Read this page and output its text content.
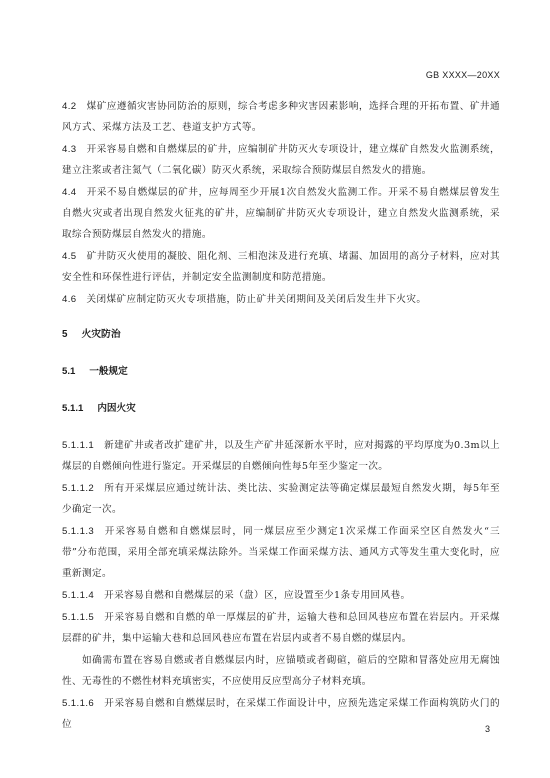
GB XXXX—20XX

4.2 煤矿应遵循灾害协同防治的原则，综合考虑多种灾害因素影响，选择合理的开拓布置、矿井通风方式、采煤方法及工艺、巷道支护方式等。

4.3 开采容易自燃和自燃煤层的矿井，应编制矿井防灭火专项设计，建立煤矿自然发火监测系统，建立注浆或者注氮气（二氧化碳）防灭火系统，采取综合预防煤层自然发火的措施。

4.4 开采不易自燃煤层的矿井，应每周至少开展1次自然发火监测工作。开采不易自燃煤层曾发生自燃火灾或者出现自然发火征兆的矿井，应编制矿井防灭火专项设计，建立自然发火监测系统，采取综合预防煤层自然发火的措施。

4.5 矿井防灭火使用的凝胶、阻化剂、三相泡沫及进行充填、堵漏、加固用的高分子材料，应对其安全性和环保性进行评估，并制定安全监测制度和防范措施。

4.6 关闭煤矿应制定防灭火专项措施，防止矿井关闭期间及关闭后发生井下火灾。

5 火灾防治
5.1 一般规定
5.1.1 内因火灾

5.1.1.1 新建矿井或者改扩建矿井，以及生产矿井延深新水平时，应对揭露的平均厚度为0.3m以上煤层的自燃倾向性进行鉴定。开采煤层的自燃倾向性每5年至少鉴定一次。

5.1.1.2 所有开采煤层应通过统计法、类比法、实验测定法等确定煤层最短自然发火期，每5年至少确定一次。

5.1.1.3 开采容易自燃和自燃煤层时，同一煤层应至少测定1次采煤工作面采空区自然发火“三带”分布范围，采用全部充填采煤法除外。当采煤工作面采煤方法、通风方式等发生重大变化时，应重新测定。

5.1.1.4 开采容易自燃和自燃煤层的采（盘）区，应设置至少1条专用回风巷。

5.1.1.5 开采容易自燃和自燃的单一厚煤层的矿井，运输大巷和总回风巷应布置在岩层内。开采煤层群的矿井，集中运输大巷和总回风巷应布置在岩层内或者不易自燃的煤层内。

如确需布置在容易自燃或者自燃煤层内时，应锚喷或者砌碹，碹后的空隙和冒落处应用无腐蚀性、无毒性的不燃性材料充填密实，不应使用反应型高分子材料充填。

5.1.1.6 开采容易自燃和自燃煤层时，在采煤工作面设计中，应预先选定采煤工作面构筑防火门的位	3
